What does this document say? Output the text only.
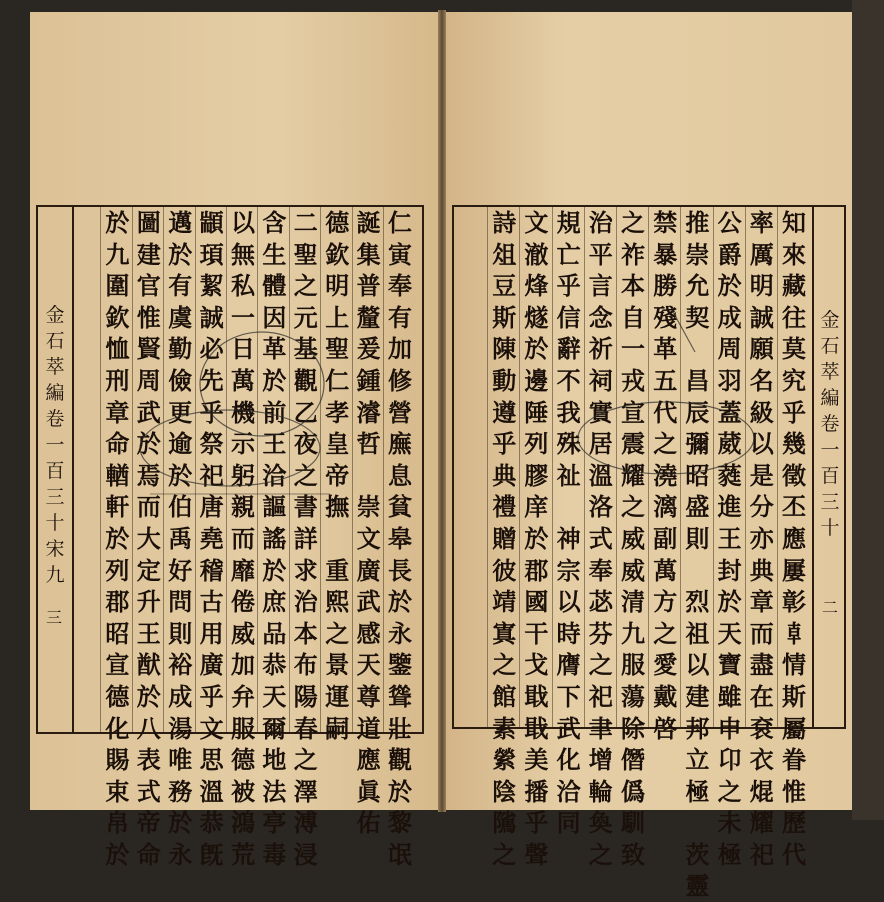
金
石
萃
編
卷
一
百
三
十
宋
九
三
仁
寅
奉
有
加
修
營
廡
息
貧
皋
長
於
永
鑒
聳
壯
觀
於
黎
氓
誕
集
普
釐
爰
鍾
濬
哲

崇
文
廣
武
感
天
尊
道
應
眞
佑
德
欽
明
上
聖
仁
孝
皇
帝
撫

重
熙
之
景
運
嗣
二
聖
之
元
基
觀
乙
夜
之
書
詳
求
治
本
布
陽
春
之
澤
溥
浸
含
生
體
因
革
於
前
王
洽
謳
謠
於
庶
品
恭
天
爾
地
法
亭
毒
以
無
私
一
日
萬
機
示
躬
親
而
靡
倦
威
加
弁
服
德
被
鴻
荒
顓
頊
絜
誠
必
先
乎
祭
祀
唐
堯
稽
古
用
廣
乎
文
思
溫
恭
旣
邁
於
有
虞
勤
儉
更
逾
於
伯
禹
好
問
則
裕
成
湯
唯
務
於
永
圖
建
官
惟
賢
周
武
於
焉
而
大
定
升
王
猷
於
八
表
式
帝
命
於
九
圍
欽
恤
刑
章
命
輶
軒
於
列
郡
昭
宣
德
化
賜
束
帛
於
金
石
萃
編
卷
一
百
三
十
二
知
來
藏
往
莫
究
乎
幾
徵
丕
應
屢
彰
𠦝
情
斯
屬
眷
惟
歷
代
率
厲
明
誠
願
名
級
以
是
分
亦
典
章
而
盡
在
袞
衣
焜
耀
祀
公
爵
於
成
周
羽
蓋
葳
蕤
進
王
封
於
天
寶
雖
申
卬
之
未
極
推
崇
允
契

昌
辰
彌
昭
盛
則

烈
祖
以
建
邦
立
極

茨
靈
禁
暴
勝
殘
革
五
代
之
澆
漓
副
萬
方
之
愛
戴
啓
之
祚
本
自
一
戎
宣
震
耀
之
威
威
清
九
服
蕩
除
僭
僞
馴
致
治
平
言
念
祈
祠
實
居
溫
洛
式
奉
苾
芬
之
祀
聿
增
輪
奐
之
規
亡
乎
信
辭
不
我
殊
祉

神
宗
以
時
膺
下
武
化
洽
同
文
澈
烽
燧
於
邊
陲
列
膠
庠
於
郡
國
干
戈
戢
戢
美
播
乎
聲
詩
俎
豆
斯
陳
動
遵
乎
典
禮
贈
彼
靖
寘
之
館
素
縈
陰
隲
之
